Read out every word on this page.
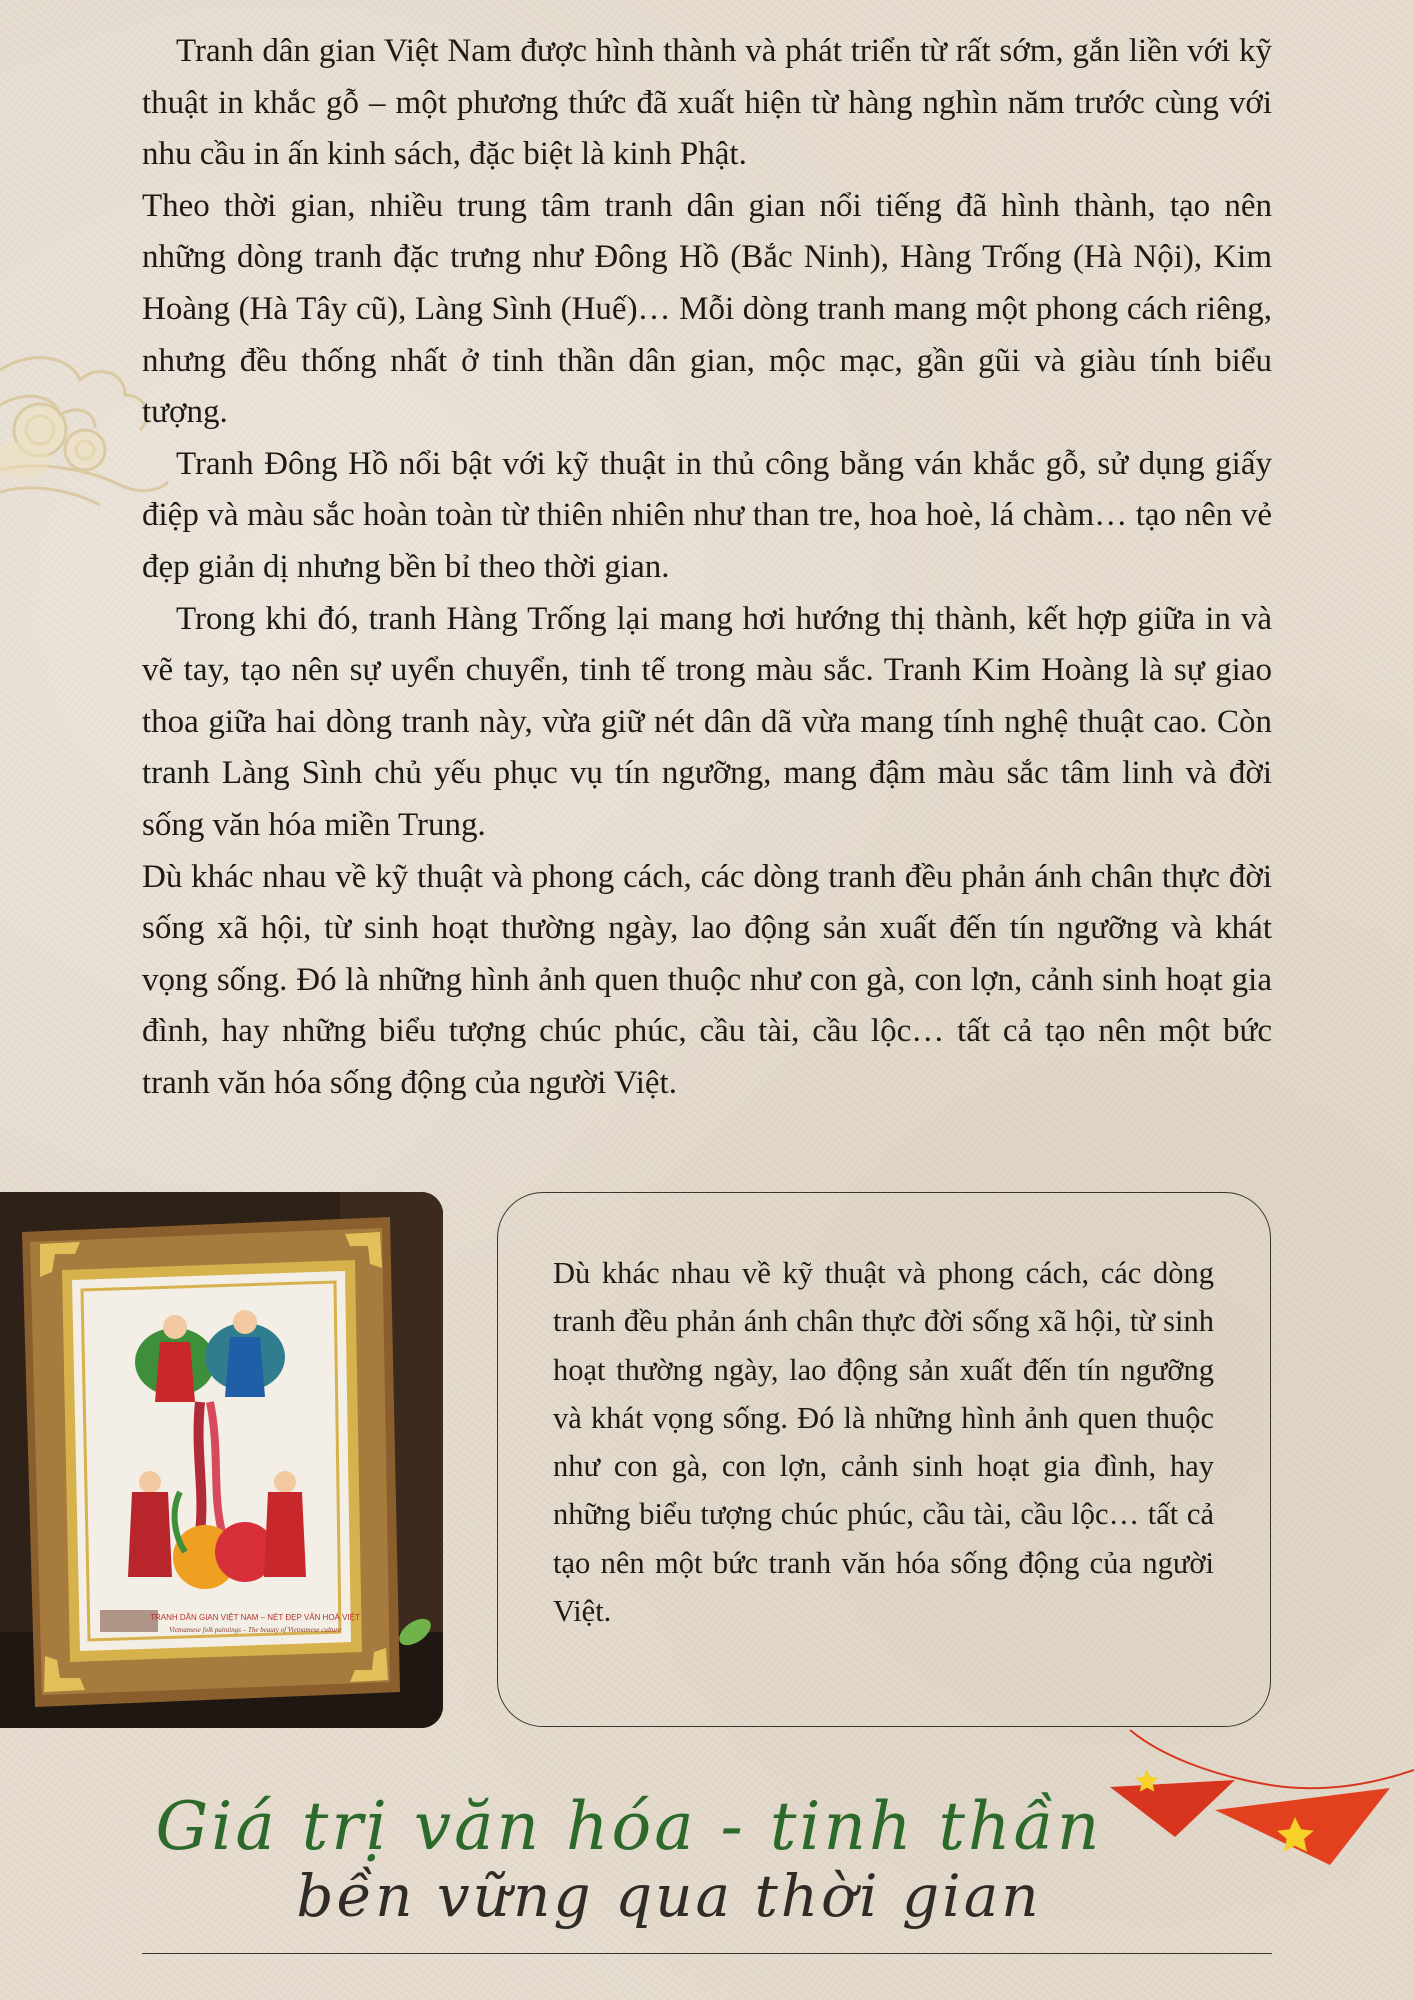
Tranh dân gian Việt Nam được hình thành và phát triển từ rất sớm, gắn liền với kỹ thuật in khắc gỗ – một phương thức đã xuất hiện từ hàng nghìn năm trước cùng với nhu cầu in ấn kinh sách, đặc biệt là kinh Phật.

Theo thời gian, nhiều trung tâm tranh dân gian nổi tiếng đã hình thành, tạo nên những dòng tranh đặc trưng như Đông Hồ (Bắc Ninh), Hàng Trống (Hà Nội), Kim Hoàng (Hà Tây cũ), Làng Sình (Huế)… Mỗi dòng tranh mang một phong cách riêng, nhưng đều thống nhất ở tinh thần dân gian, mộc mạc, gần gũi và giàu tính biểu tượng.

Tranh Đông Hồ nổi bật với kỹ thuật in thủ công bằng ván khắc gỗ, sử dụng giấy điệp và màu sắc hoàn toàn từ thiên nhiên như than tre, hoa hoè, lá chàm… tạo nên vẻ đẹp giản dị nhưng bền bỉ theo thời gian.

Trong khi đó, tranh Hàng Trống lại mang hơi hướng thị thành, kết hợp giữa in và vẽ tay, tạo nên sự uyển chuyển, tinh tế trong màu sắc. Tranh Kim Hoàng là sự giao thoa giữa hai dòng tranh này, vừa giữ nét dân dã vừa mang tính nghệ thuật cao. Còn tranh Làng Sình chủ yếu phục vụ tín ngưỡng, mang đậm màu sắc tâm linh và đời sống văn hóa miền Trung.

Dù khác nhau về kỹ thuật và phong cách, các dòng tranh đều phản ánh chân thực đời sống xã hội, từ sinh hoạt thường ngày, lao động sản xuất đến tín ngưỡng và khát vọng sống. Đó là những hình ảnh quen thuộc như con gà, con lợn, cảnh sinh hoạt gia đình, hay những biểu tượng chúc phúc, cầu tài, cầu lộc… tất cả tạo nên một bức tranh văn hóa sống động của người Việt.

TRANH DÂN GIAN VIỆT NAM – NÉT ĐẸP VĂN HOÁ VIỆT
Vietnamese folk paintings – The beauty of Vietnamese culture

Dù khác nhau về kỹ thuật và phong cách, các dòng tranh đều phản ánh chân thực đời sống xã hội, từ sinh hoạt thường ngày, lao động sản xuất đến tín ngưỡng và khát vọng sống. Đó là những hình ảnh quen thuộc như con gà, con lợn, cảnh sinh hoạt gia đình, hay những biểu tượng chúc phúc, cầu tài, cầu lộc… tất cả tạo nên một bức tranh văn hóa sống động của người Việt.

Giá trị văn hóa - tinh thần
bền vững qua thời gian
